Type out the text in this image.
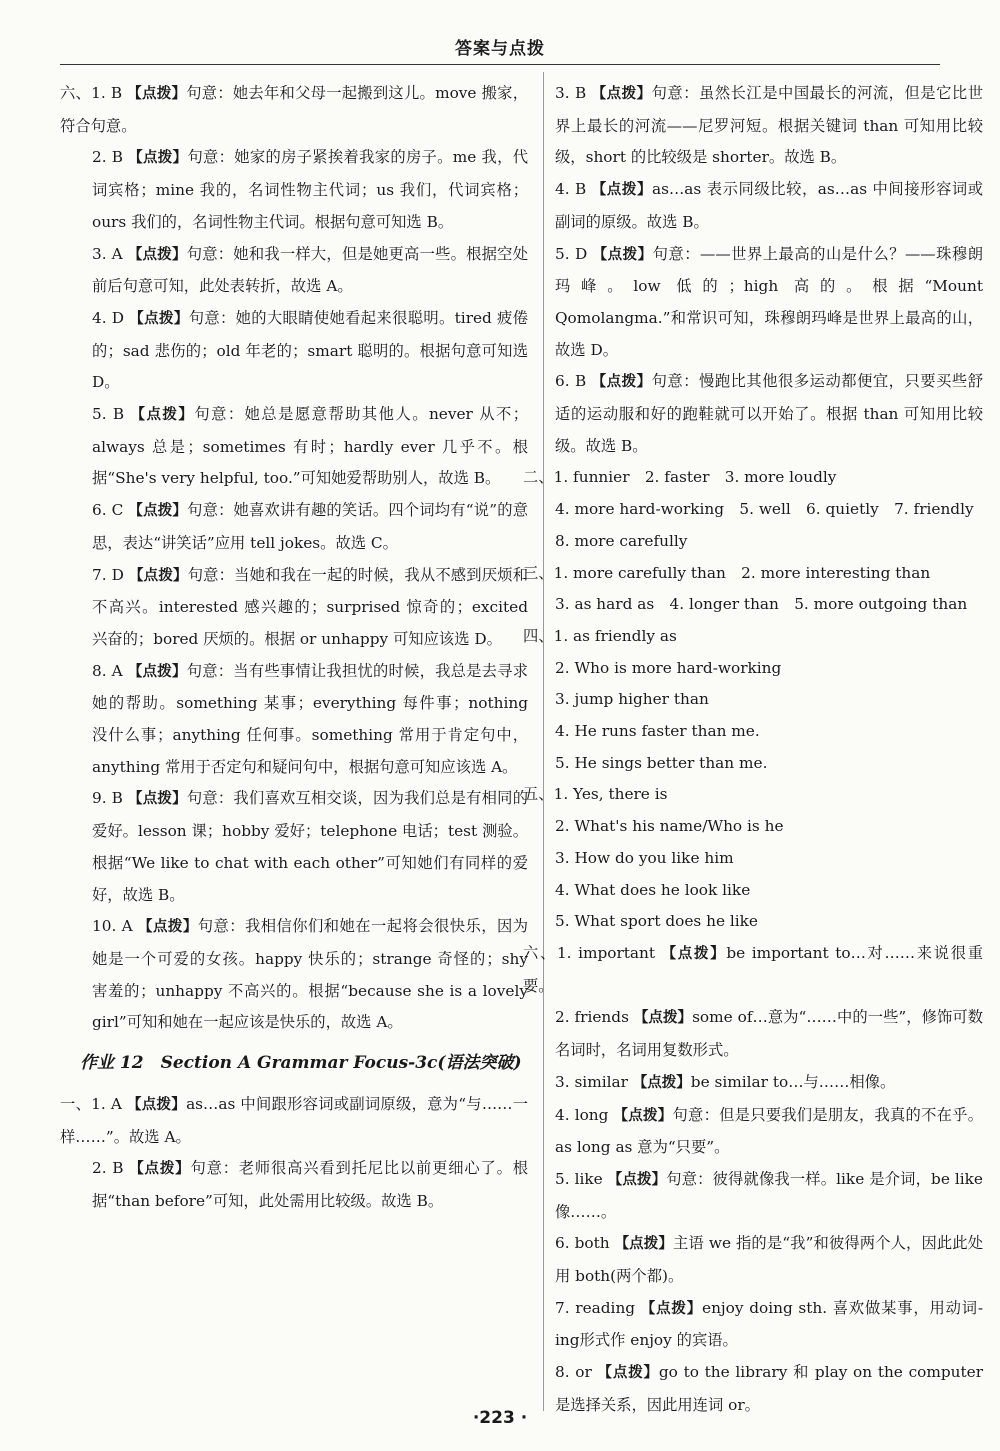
答案与点拨

六、1. B 【点拨】句意：她去年和父母一起搬到这儿。move 搬家，符合句意。

2. B 【点拨】句意：她家的房子紧挨着我家的房子。me 我，代词宾格；mine 我的，名词性物主代词；us 我们，代词宾格；ours 我们的，名词性物主代词。根据句意可知选 B。

3. A 【点拨】句意：她和我一样大，但是她更高一些。根据空处前后句意可知，此处表转折，故选 A。

4. D 【点拨】句意：她的大眼睛使她看起来很聪明。tired 疲倦的；sad 悲伤的；old 年老的；smart 聪明的。根据句意可知选 D。

5. B 【点拨】句意：她总是愿意帮助其他人。never 从不；always 总是；sometimes 有时；hardly ever 几乎不。根据“She's very helpful, too.”可知她爱帮助别人，故选 B。

6. C 【点拨】句意：她喜欢讲有趣的笑话。四个词均有“说”的意思，表达“讲笑话”应用 tell jokes。故选 C。

7. D 【点拨】句意：当她和我在一起的时候，我从不感到厌烦和不高兴。interested 感兴趣的；surprised 惊奇的；excited 兴奋的；bored 厌烦的。根据 or unhappy 可知应该选 D。

8. A 【点拨】句意：当有些事情让我担忧的时候，我总是去寻求她的帮助。something 某事；everything 每件事；nothing 没什么事；anything 任何事。something 常用于肯定句中，anything 常用于否定句和疑问句中，根据句意可知应该选 A。

9. B 【点拨】句意：我们喜欢互相交谈，因为我们总是有相同的爱好。lesson 课；hobby 爱好；telephone 电话；test 测验。根据“We like to chat with each other”可知她们有同样的爱好，故选 B。

10. A 【点拨】句意：我相信你们和她在一起将会很快乐，因为她是一个可爱的女孩。happy 快乐的；strange 奇怪的；shy 害羞的；unhappy 不高兴的。根据“because she is a lovely girl”可知和她在一起应该是快乐的，故选 A。

作业 12　Section A Grammar Focus-3c(语法突破)

一、1. A 【点拨】as…as 中间跟形容词或副词原级，意为“与……一样……”。故选 A。

2. B 【点拨】句意：老师很高兴看到托尼比以前更细心了。根据“than before”可知，此处需用比较级。故选 B。

3. B 【点拨】句意：虽然长江是中国最长的河流，但是它比世界上最长的河流——尼罗河短。根据关键词 than 可知用比较级，short 的比较级是 shorter。故选 B。

4. B 【点拨】as…as 表示同级比较，as…as 中间接形容词或副词的原级。故选 B。

5. D 【点拨】句意：——世界上最高的山是什么？——珠穆朗玛峰。low 低的；high 高的。根据“Mount Qomolangma.”和常识可知，珠穆朗玛峰是世界上最高的山，故选 D。

6. B 【点拨】句意：慢跑比其他很多运动都便宜，只要买些舒适的运动服和好的跑鞋就可以开始了。根据 than 可知用比较级。故选 B。

二、1. funnier　2. faster　3. more loudly

4. more hard-working　5. well　6. quietly　7. friendly

8. more carefully

三、1. more carefully than　2. more interesting than

3. as hard as　4. longer than　5. more outgoing than

四、1. as friendly as

2. Who is more hard-working

3. jump higher than

4. He runs faster than me.

5. He sings better than me.

五、1. Yes, there is

2. What's his name/Who is he

3. How do you like him

4. What does he look like

5. What sport does he like

六、1. important 【点拨】be important to…对……来说很重要。

2. friends 【点拨】some of…意为“……中的一些”，修饰可数名词时，名词用复数形式。

3. similar 【点拨】be similar to…与……相像。

4. long 【点拨】句意：但是只要我们是朋友，我真的不在乎。as long as 意为“只要”。

5. like 【点拨】句意：彼得就像我一样。like 是介词，be like 像……。

6. both 【点拨】主语 we 指的是“我”和彼得两个人，因此此处用 both(两个都)。

7. reading 【点拨】enjoy doing sth. 喜欢做某事，用动词-ing形式作 enjoy 的宾语。

8. or 【点拨】go to the library 和 play on the computer 是选择关系，因此用连词 or。

·223 ·
